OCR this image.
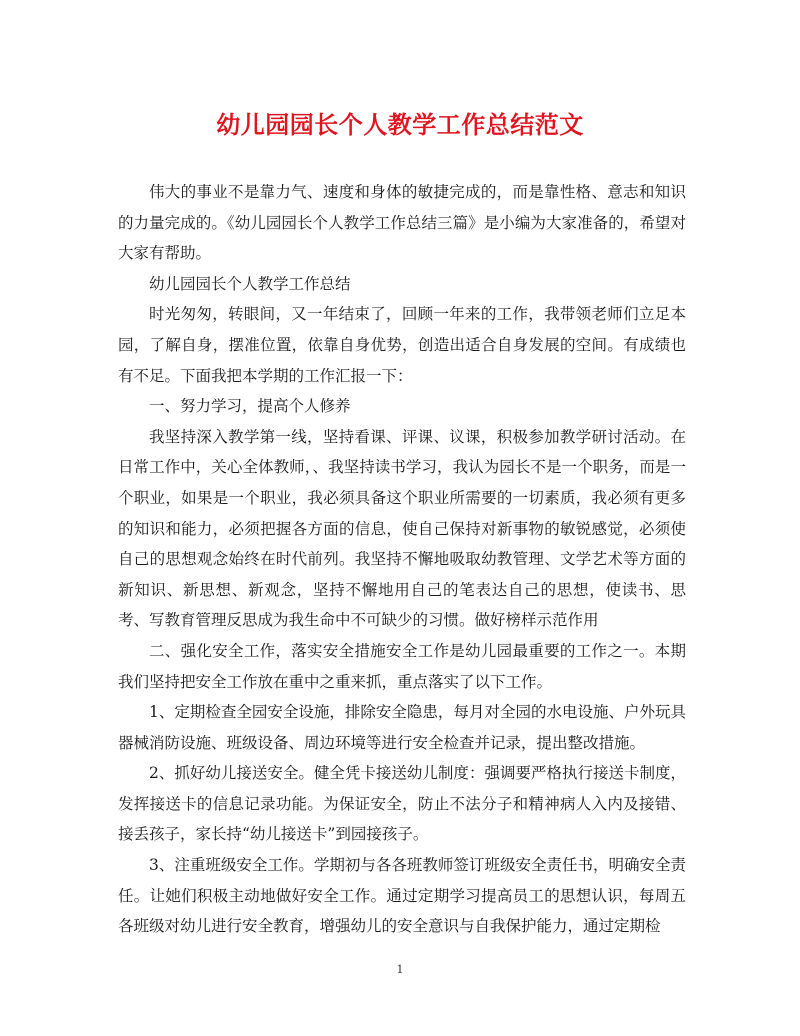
幼儿园园长个人教学工作总结范文

伟大的事业不是靠力气、速度和身体的敏捷完成的，而是靠性格、意志和知识的力量完成的。《幼儿园园长个人教学工作总结三篇》是小编为大家准备的，希望对大家有帮助。

幼儿园园长个人教学工作总结

时光匆匆，转眼间，又一年结束了，回顾一年来的工作，我带领老师们立足本园，了解自身，摆准位置，依靠自身优势，创造出适合自身发展的空间。有成绩也有不足。下面我把本学期的工作汇报一下：

一、努力学习，提高个人修养

我坚持深入教学第一线，坚持看课、评课、议课，积极参加教学研讨活动。在日常工作中，关心全体教师，、我坚持读书学习，我认为园长不是一个职务，而是一个职业，如果是一个职业，我必须具备这个职业所需要的一切素质，我必须有更多的知识和能力，必须把握各方面的信息，使自己保持对新事物的敏锐感觉，必须使自己的思想观念始终在时代前列。我坚持不懈地吸取幼教管理、文学艺术等方面的新知识、新思想、新观念，坚持不懈地用自己的笔表达自己的思想，使读书、思考、写教育管理反思成为我生命中不可缺少的习惯。做好榜样示范作用

二、强化安全工作，落实安全措施安全工作是幼儿园最重要的工作之一。本期我们坚持把安全工作放在重中之重来抓，重点落实了以下工作。

1、定期检查全园安全设施，排除安全隐患，每月对全园的水电设施、户外玩具器械消防设施、班级设备、周边环境等进行安全检查并记录，提出整改措施。

2、抓好幼儿接送安全。健全凭卡接送幼儿制度：强调要严格执行接送卡制度，发挥接送卡的信息记录功能。为保证安全，防止不法分子和精神病人入内及接错、接丢孩子，家长持“幼儿接送卡”到园接孩子。

3、注重班级安全工作。学期初与各各班教师签订班级安全责任书，明确安全责任。让她们积极主动地做好安全工作。通过定期学习提高员工的思想认识，每周五各班级对幼儿进行安全教育，增强幼儿的安全意识与自我保护能力，通过定期检

1
